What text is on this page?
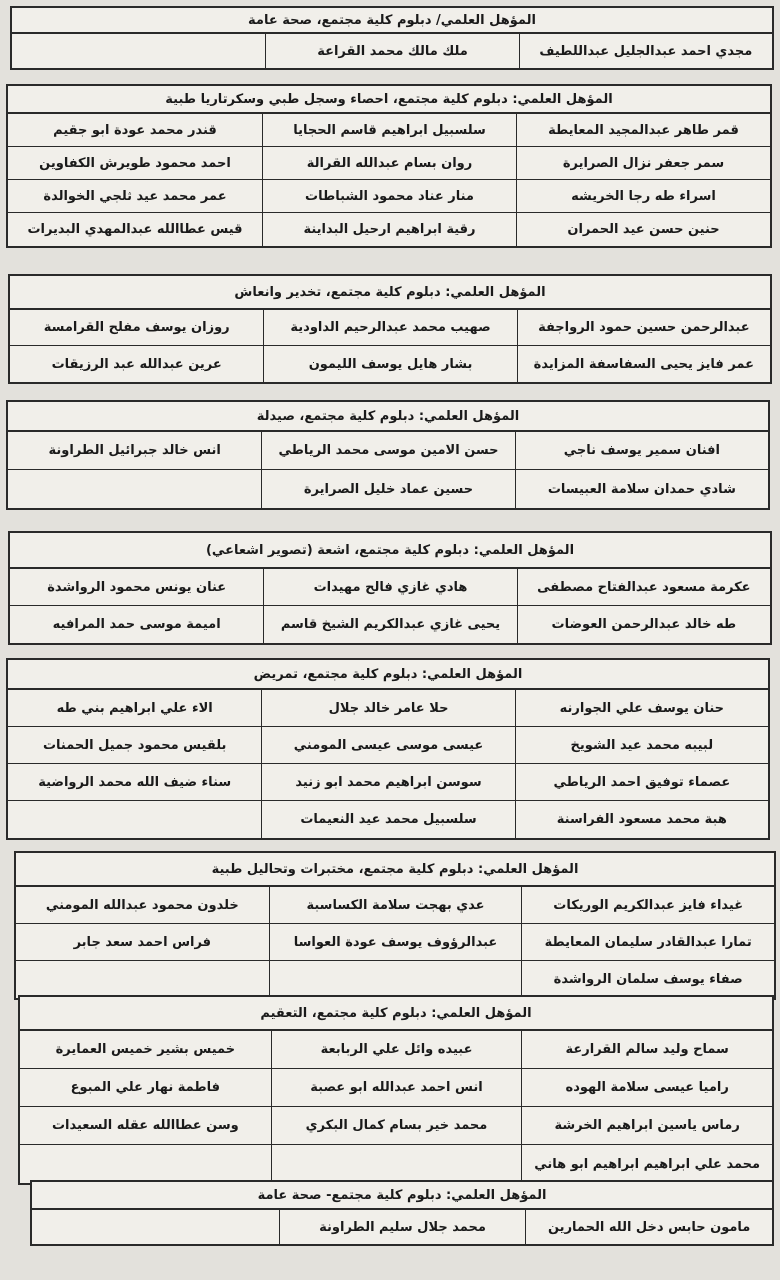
المؤهل العلمي/ دبلوم كلية مجتمع، صحة عامة
مجدي احمد عبدالجليل عبداللطيف
ملك مالك محمد القراعة
المؤهل العلمي: دبلوم كلية مجتمع، احصاء وسجل طبي وسكرتاريا طبية
قمر طاهر عبدالمجيد المعايطة
سلسبيل ابراهيم قاسم الحجايا
قندر محمد عودة ابو جقيم
سمر جعفر نزال الصرايرة
روان بسام عبدالله القرالة
احمد محمود طويرش الكفاوين
اسراء طه رجا الخريشه
منار عناد محمود الشباطات
عمر محمد عيد ثلجي الخوالدة
حنين حسن عيد الحمران
رقية ابراهيم ارحيل البداينة
قيس عطاالله عبدالمهدي البديرات
المؤهل العلمي: دبلوم كلية مجتمع، تخدير وانعاش
عبدالرحمن حسين حمود الرواجفة
صهيب محمد عبدالرحيم الداودية
روزان يوسف مفلح القرامسة
عمر فايز يحيى السفاسفة المزايدة
بشار هايل يوسف الليمون
عرين عبدالله عبد الرزيقات
المؤهل العلمي: دبلوم كلية مجتمع، صيدلة
افنان سمير يوسف ناجي
حسن الامين موسى محمد الرياطي
انس خالد جبرائيل الطراونة
شادي حمدان سلامة العبيسات
حسين عماد خليل الصرايرة
المؤهل العلمي: دبلوم كلية مجتمع، اشعة (تصوير اشعاعي)
عكرمة مسعود عبدالفتاح مصطفى
هادي غازي فالح مهيدات
عنان يونس محمود الرواشدة
طه خالد عبدالرحمن العوضات
يحيى غازي عبدالكريم الشيخ قاسم
اميمة موسى حمد المرافيه
المؤهل العلمي: دبلوم كلية مجتمع، تمريض
حنان يوسف علي الجوارنه
حلا عامر خالد جلال
الاء علي ابراهيم بني طه
لبيبه محمد عيد الشويخ
عيسى موسى عيسى المومني
بلقيس محمود جميل الحمنات
عصماء توفيق احمد الرياطي
سوسن ابراهيم محمد ابو زنيد
سناء ضيف الله محمد الرواضية
هبة محمد مسعود الفراسنة
سلسبيل محمد عيد النعيمات
المؤهل العلمي: دبلوم كلية مجتمع، مختبرات وتحاليل طبية
غيداء فايز عبدالكريم الوريكات
عدي بهجت سلامة الكساسبة
خلدون محمود عبدالله المومني
تمارا عبدالقادر سليمان المعايطة
عبدالرؤوف يوسف عودة العواسا
فراس احمد سعد جابر
صفاء يوسف سلمان الرواشدة
المؤهل العلمي: دبلوم كلية مجتمع، التعقيم
سماح وليد سالم القرارعة
عبيده وائل علي الربابعة
خميس بشير خميس العمايرة
راميا عيسى سلامة الهوده
انس احمد عبدالله ابو عصبة
فاطمة نهار علي المبوع
رماس ياسين ابراهيم الخرشة
محمد خير بسام كمال البكري
وسن عطاالله عقله السعيدات
محمد علي ابراهيم ابراهيم ابو هاني
المؤهل العلمي: دبلوم كلية مجتمع- صحة عامة
مامون حابس دخل الله الحمارين
محمد جلال سليم الطراونة
